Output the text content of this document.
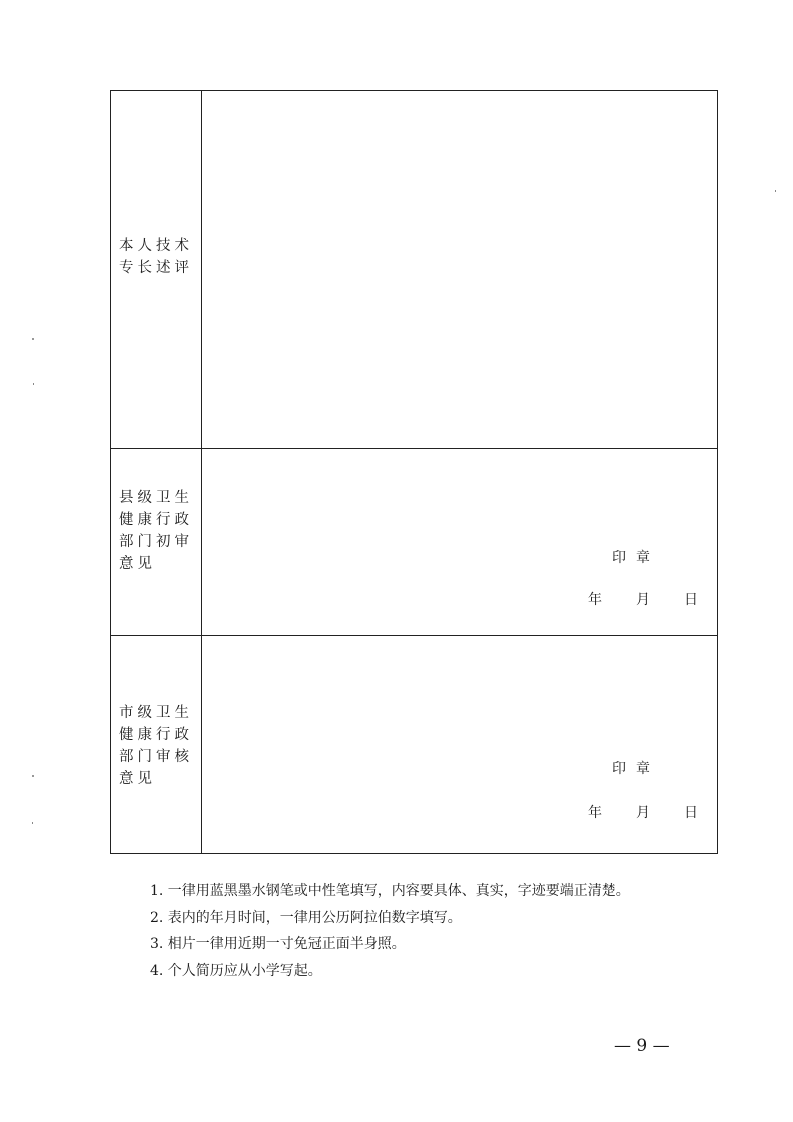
本人技术
专长述评
县级卫生
健康行政
部门初审
意见	印章
年 月 日
市级卫生
健康行政
部门审核
意见
印章
年 月 日
1. 一律用蓝黑墨水钢笔或中性笔填写，内容要具体、真实，字迹要端正清楚。
2. 表内的年月时间，一律用公历阿拉伯数字填写。
3. 相片一律用近期一寸免冠正面半身照。
4. 个人简历应从小学写起。
— 9 —
